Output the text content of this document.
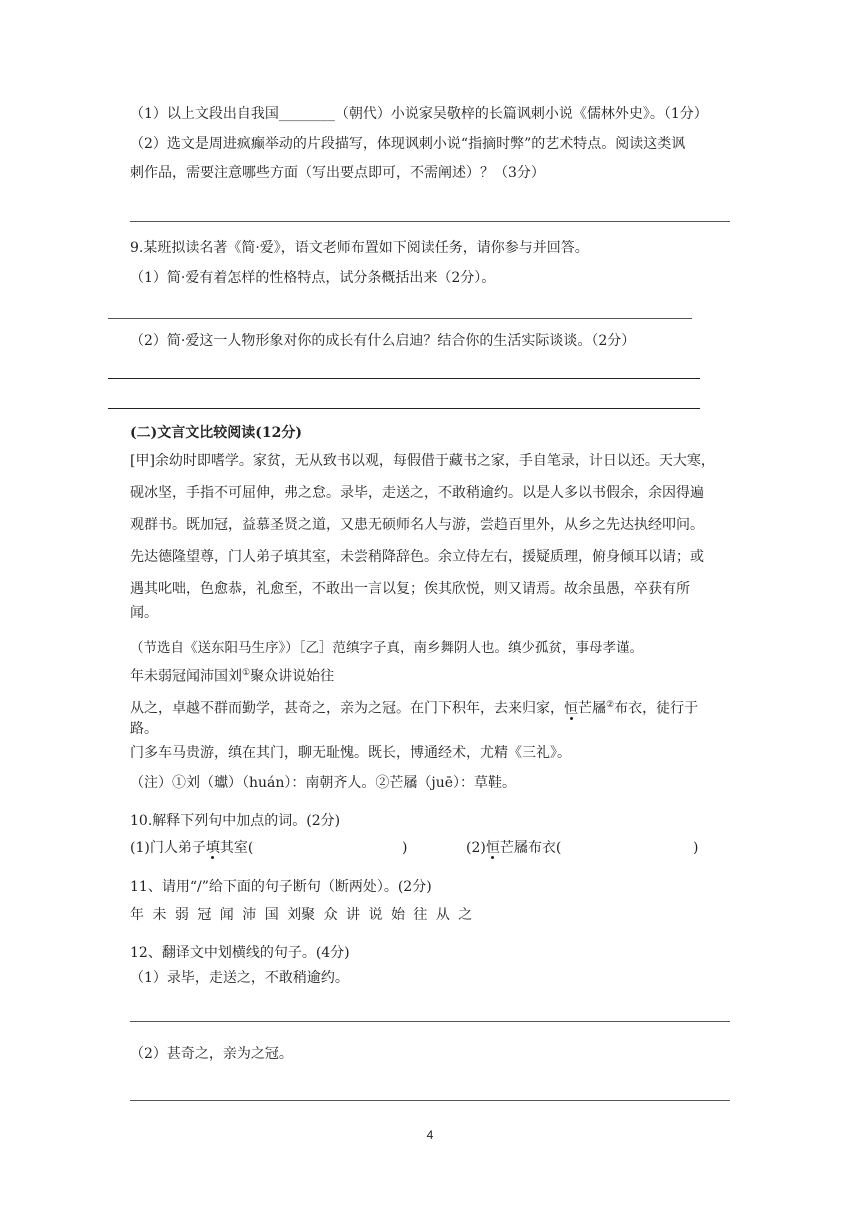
（1）以上文段出自我国________（朝代）小说家吴敬梓的长篇讽刺小说《儒林外史》。（1分）
（2）选文是周进疯癫举动的片段描写，体现讽刺小说“指摘时弊”的艺术特点。阅读这类讽
刺作品，需要注意哪些方面（写出要点即可，不需阐述）？（3分）
9.某班拟读名著《简·爱》，语文老师布置如下阅读任务，请你参与并回答。
（1）简·爱有着怎样的性格特点，试分条概括出来（2分）。
（2）简·爱这一人物形象对你的成长有什么启迪？结合你的生活实际谈谈。（2分）
(二)文言文比较阅读(12分)
[甲]余幼时即嗜学。家贫，无从致书以观，每假借于藏书之家，手自笔录，计日以还。天大寒，
砚冰坚，手指不可屈伸，弗之怠。录毕，走送之，不敢稍逾约。以是人多以书假余，余因得遍
观群书。既加冠，益慕圣贤之道，又患无硕师名人与游，尝趋百里外，从乡之先达执经叩问。
先达德隆望尊，门人弟子填其室，未尝稍降辞色。余立侍左右，援疑质理，俯身倾耳以请；或
遇其叱咄，色愈恭，礼愈至，不敢出一言以复；俟其欣悦，则又请焉。故余虽愚，卒获有所
闻。
（节选自《送东阳马生序》）［乙］范缜字子真，南乡舞阴人也。缜少孤贫，事母孝谨。
年未弱冠闻沛国刘①聚众讲说始往
从之，卓越不群而勤学，甚奇之，亲为之冠。在门下积年，去来归家，恒芒屩②布衣，徒行于
路。
门多车马贵游，缜在其门，聊无耻愧。既长，博通经术，尤精《三礼》。
（注）①刘（瓛）（huán）：南朝齐人。②芒屩（juē）：草鞋。
10.解释下列句中加点的词。(2分)
(1)门人弟子填其室(	)	(2)恒芒屩布衣(	)
11、请用“/”给下面的句子断句（断两处）。(2分)
年 未 弱 冠 闻 沛 国 刘聚 众 讲 说 始 往 从 之
12、翻译文中划横线的句子。(4分)
（1）录毕，走送之，不敢稍逾约。
（2）甚奇之，亲为之冠。
4
